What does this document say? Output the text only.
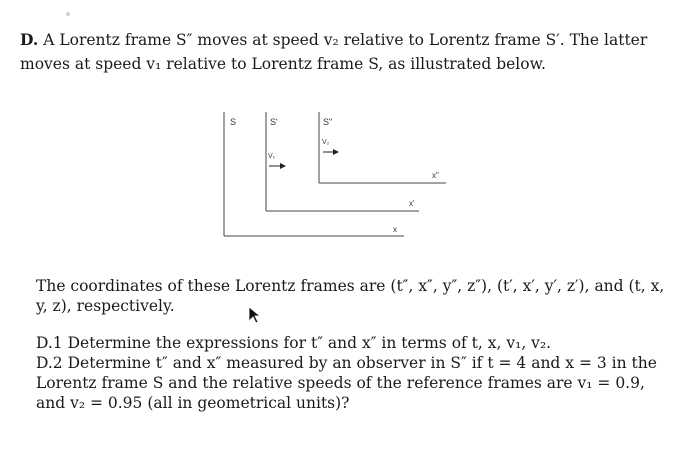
D. A Lorentz frame S″ moves at speed v₂ relative to Lorentz frame S′. The latter moves at speed v₁ relative to Lorentz frame S, as illustrated below.
S
x
S'
x'
V₁
S"
x"
V₂
The coordinates of these Lorentz frames are (t″, x″, y″, z″), (t′, x′, y′, z′), and (t, x, y, z), respectively.

D.1 Determine the expressions for t″ and x″ in terms of t, x, v₁, v₂.

D.2 Determine t″ and x″ measured by an observer in S″ if t = 4 and x = 3 in the Lorentz frame S and the relative speeds of the reference frames are v₁ = 0.9, and v₂ = 0.95 (all in geometrical units)?
